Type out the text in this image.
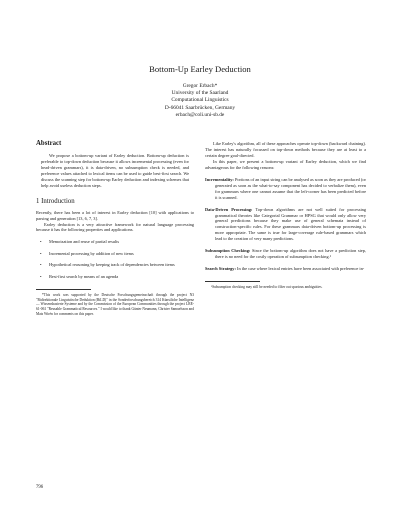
Bottom-Up Earley Deduction
Gregor Erbach*
University of the Saarland
Computational Linguistics
D-66041 Saarbrücken, Germany
erbach@coli.uni-sb.de
Abstract

We propose a bottom-up variant of Earley deduction. Bottom-up deduction is preferable to top-down deduction because it allows incremental processing (even for head-driven grammars), it is data-driven, no subsumption check is needed, and preference values attached to lexical items can be used to guide best-first search. We discuss the scanning step for bottom-up Earley deduction and indexing schemes that help avoid useless deduction steps.

1 Introduction

Recently, there has been a lot of interest in Earley deduction [10] with applications to parsing and generation [13, 6, 7, 3].

Earley deduction is a very attractive framework for natural language processing because it has the following properties and applications.

• Memoization and reuse of partial results
• Incremental processing by addition of new items
• Hypothetical reasoning by keeping track of dependencies between items
• Best-first search by means of an agenda

*This work was supported by the Deutsche Forschungsgemeinschaft through the project N3 "Bidirektionale Linguistische Deduktion (BiLD)" in the Sonderforschungsbereich 314 Künstliche Intelligenz — Wissensbasierte Systeme and by the Commission of the European Communities through the project LRE-61-061 "Reusable Grammatical Resources." I would like to thank Günter Neumann, Christer Samuelsson and Mats Wirén for comments on this paper.

Like Earley's algorithm, all of these approaches operate top-down (backward chaining). The interest has naturally focussed on top-down methods because they are at least to a certain degree goal-directed.

In this paper, we present a bottom-up variant of Earley deduction, which we find advantageous for the following reasons:

Incrementality: Portions of an input string can be analysed as soon as they are produced (or generated as soon as the what-to-say component has decided to verbalize them), even for grammars where one cannot assume that the left-corner has been predicted before it is scanned.

Data-Driven Processing: Top-down algorithms are not well suited for processing grammatical theories like Categorial Grammar or HPSG that would only allow very general predictions because they make use of general schemata instead of construction-specific rules. For these grammars data-driven bottom-up processing is more appropriate. The same is true for large-coverage rule-based grammars which lead to the creation of very many predictions.

Subsumption Checking: Since the bottom-up algorithm does not have a prediction step, there is no need for the costly operation of subsumption checking.¹

Search Strategy: In the case where lexical entries have been associated with preference in-

¹Subsumption checking may still be needed to filter out spurious ambiguities.

796
